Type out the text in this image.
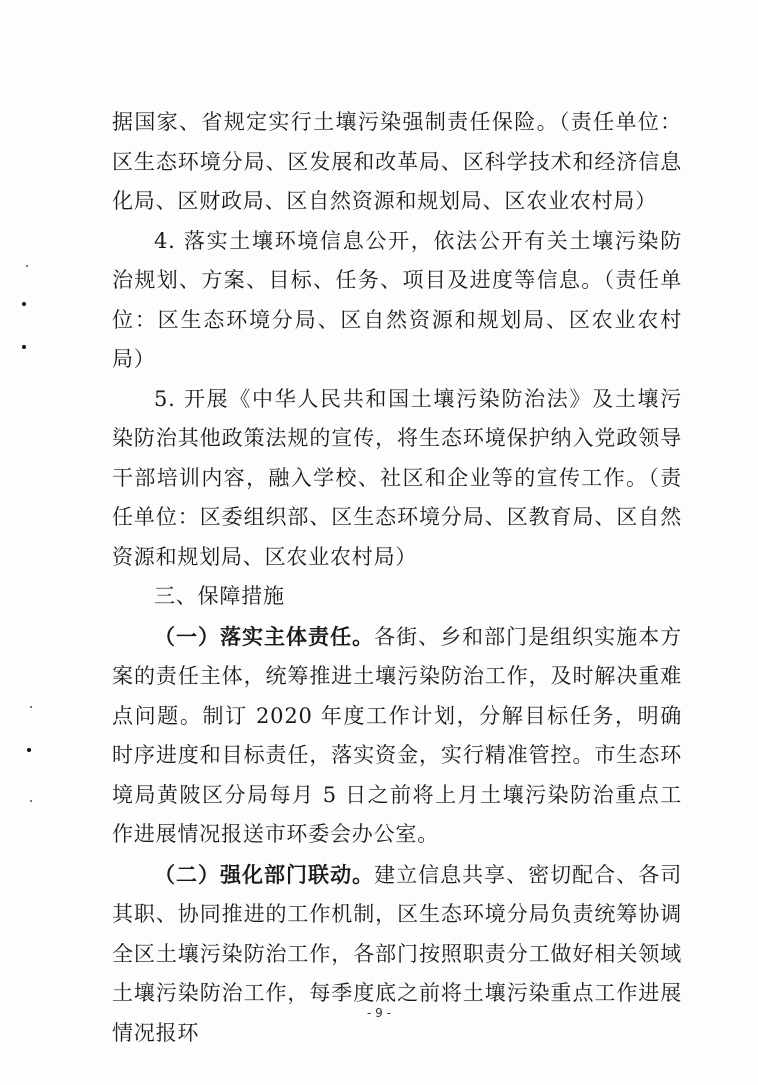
据国家、省规定实行土壤污染强制责任保险。（责任单位：区生态环境分局、区发展和改革局、区科学技术和经济信息化局、区财政局、区自然资源和规划局、区农业农村局）

4. 落实土壤环境信息公开，依法公开有关土壤污染防治规划、方案、目标、任务、项目及进度等信息。（责任单位：区生态环境分局、区自然资源和规划局、区农业农村局）

5. 开展《中华人民共和国土壤污染防治法》及土壤污染防治其他政策法规的宣传，将生态环境保护纳入党政领导干部培训内容，融入学校、社区和企业等的宣传工作。（责任单位：区委组织部、区生态环境分局、区教育局、区自然资源和规划局、区农业农村局）

三、保障措施

（一）落实主体责任。各街、乡和部门是组织实施本方案的责任主体，统筹推进土壤污染防治工作，及时解决重难点问题。制订 2020 年度工作计划，分解目标任务，明确时序进度和目标责任，落实资金，实行精准管控。市生态环境局黄陂区分局每月 5 日之前将上月土壤污染防治重点工作进展情况报送市环委会办公室。

（二）强化部门联动。建立信息共享、密切配合、各司其职、协同推进的工作机制，区生态环境分局负责统筹协调全区土壤污染防治工作，各部门按照职责分工做好相关领域土壤污染防治工作，每季度底之前将土壤污染重点工作进展情况报环

- 9 -
